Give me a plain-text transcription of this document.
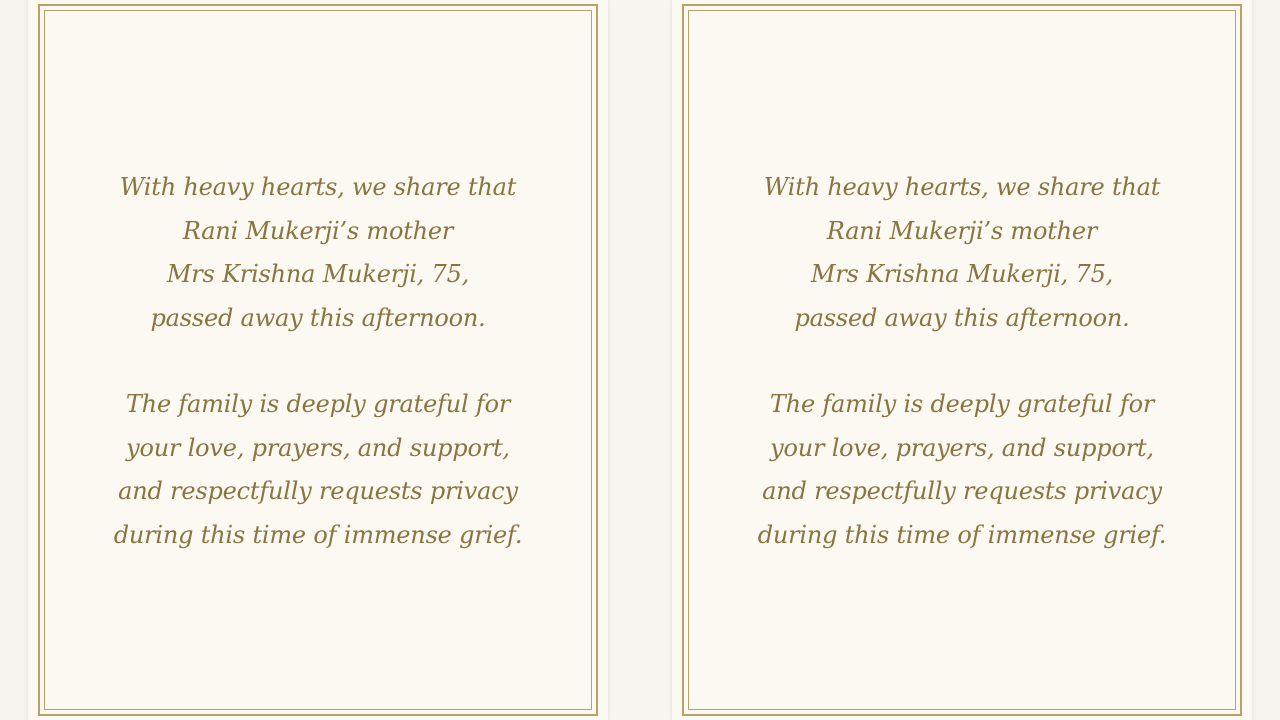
With heavy hearts, we share that
Rani Mukerji’s mother
Mrs Krishna Mukerji, 75,
passed away this afternoon.
The family is deeply grateful for
your love, prayers, and support,
and respectfully requests privacy
during this time of immense grief.
With heavy hearts, we share that
Rani Mukerji’s mother
Mrs Krishna Mukerji, 75,
passed away this afternoon.
The family is deeply grateful for
your love, prayers, and support,
and respectfully requests privacy
during this time of immense grief.
